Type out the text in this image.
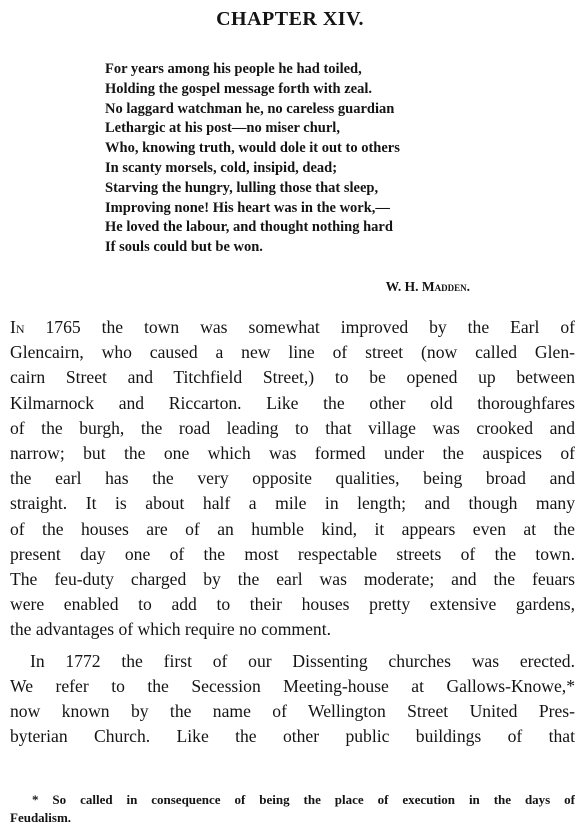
CHAPTER XIV.
For years among his people he had toiled,
Holding the gospel message forth with zeal.
No laggard watchman he, no careless guardian
Lethargic at his post—no miser churl,
Who, knowing truth, would dole it out to others
In scanty morsels, cold, insipid, dead;
Starving the hungry, lulling those that sleep,
Improving none! His heart was in the work,—
He loved the labour, and thought nothing hard
If souls could but be won.
W. H. Madden.
In 1765 the town was somewhat improved by the Earl of
Glencairn, who caused a new line of street (now called Glen-
cairn Street and Titchfield Street,) to be opened up between
Kilmarnock and Riccarton. Like the other old thoroughfares
of the burgh, the road leading to that village was crooked and
narrow; but the one which was formed under the auspices of
the earl has the very opposite qualities, being broad and
straight. It is about half a mile in length; and though many
of the houses are of an humble kind, it appears even at the
present day one of the most respectable streets of the town.
The feu-duty charged by the earl was moderate; and the feuars
were enabled to add to their houses pretty extensive gardens,
the advantages of which require no comment.
In 1772 the first of our Dissenting churches was erected.
We refer to the Secession Meeting-house at Gallows-Knowe,*
now known by the name of Wellington Street United Pres-
byterian Church. Like the other public buildings of that
* So called in consequence of being the place of execution in the days of
Feudalism.
